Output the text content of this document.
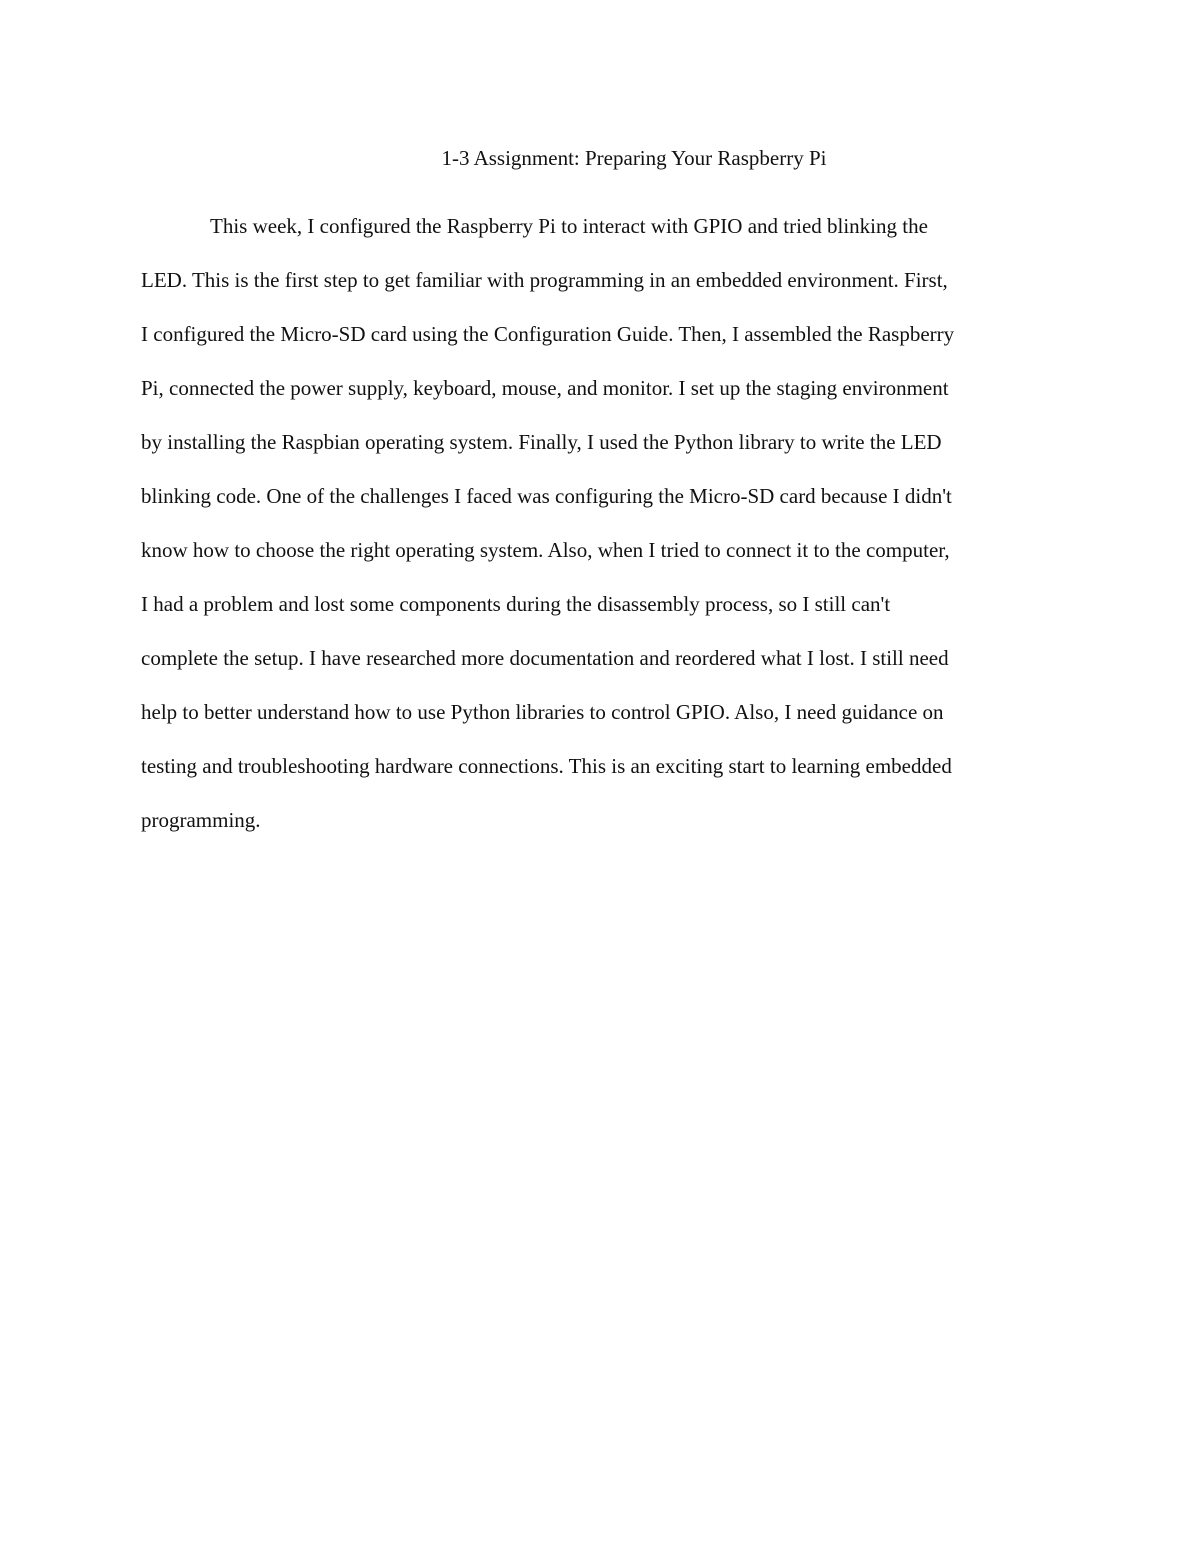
1-3 Assignment: Preparing Your Raspberry Pi
This week, I configured the Raspberry Pi to interact with GPIO and tried blinking the
LED. This is the first step to get familiar with programming in an embedded environment. First,
I configured the Micro-SD card using the Configuration Guide. Then, I assembled the Raspberry
Pi, connected the power supply, keyboard, mouse, and monitor. I set up the staging environment
by installing the Raspbian operating system. Finally, I used the Python library to write the LED
blinking code. One of the challenges I faced was configuring the Micro-SD card because I didn't
know how to choose the right operating system. Also, when I tried to connect it to the computer,
I had a problem and lost some components during the disassembly process, so I still can't
complete the setup. I have researched more documentation and reordered what I lost. I still need
help to better understand how to use Python libraries to control GPIO. Also, I need guidance on
testing and troubleshooting hardware connections. This is an exciting start to learning embedded
programming.
